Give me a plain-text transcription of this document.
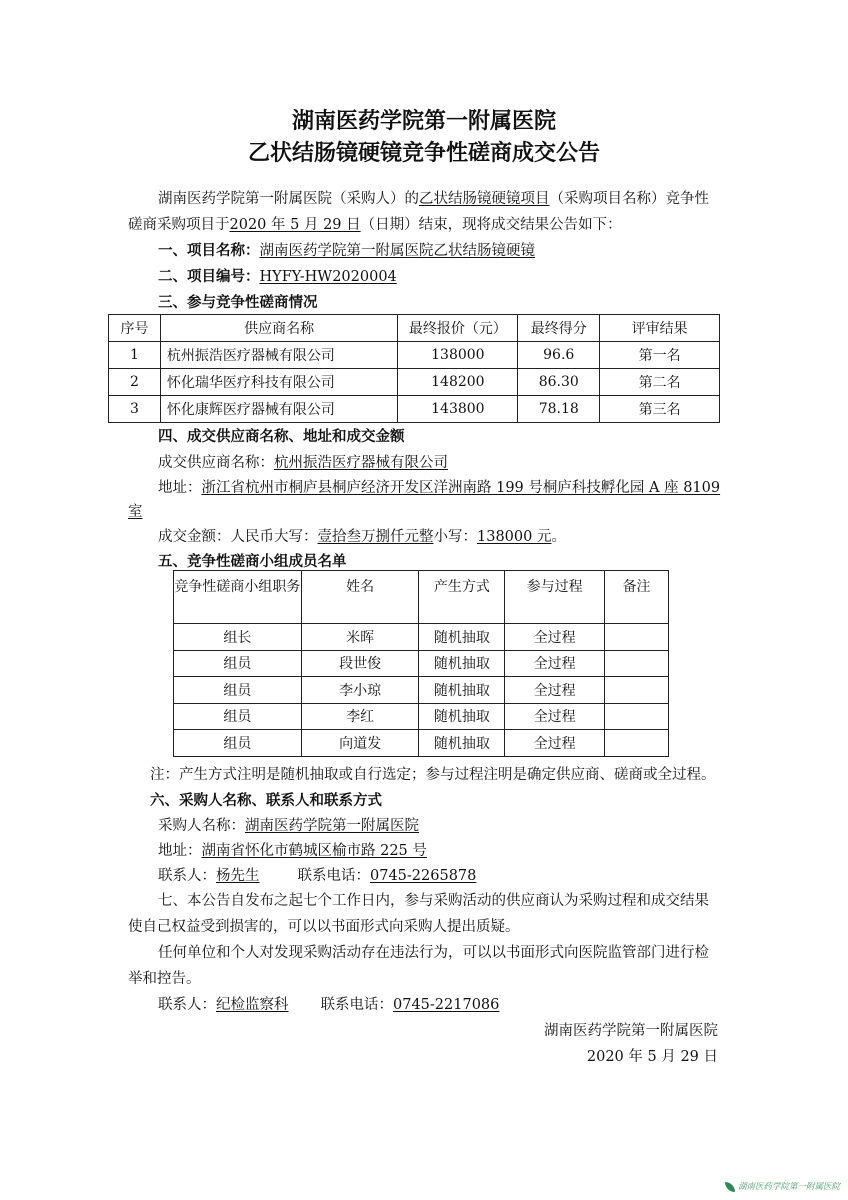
湖南医药学院第一附属医院
乙状结肠镜硬镜竞争性磋商成交公告
湖南医药学院第一附属医院（采购人）的乙状结肠镜硬镜项目（采购项目名称）竞争性
磋商采购项目于2020 年 5 月 29 日（日期）结束，现将成交结果公告如下：
一、项目名称：湖南医药学院第一附属医院乙状结肠镜硬镜
二、项目编号：HYFY-HW2020004
三、参与竞争性磋商情况
序号	供应商名称	最终报价（元）	最终得分	评审结果
1	杭州振浩医疗器械有限公司	138000	96.6	第一名
2	怀化瑞华医疗科技有限公司	148200	86.30	第二名
3	怀化康辉医疗器械有限公司	143800	78.18	第三名
四、成交供应商名称、地址和成交金额
成交供应商名称：杭州振浩医疗器械有限公司
地址：浙江省杭州市桐庐县桐庐经济开发区洋洲南路 199 号桐庐科技孵化园 A 座 8109
室
成交金额：人民币大写：壹拾叁万捌仟元整小写：138000 元。
五、竞争性磋商小组成员名单
竞争性磋商小组职务	姓名	产生方式	参与过程	备注
组长	米晖	随机抽取	全过程	
组员	段世俊	随机抽取	全过程	
组员	李小琼	随机抽取	全过程	
组员	李红	随机抽取	全过程	
组员	向道发	随机抽取	全过程	
注：产生方式注明是随机抽取或自行选定；参与过程注明是确定供应商、磋商或全过程。
六、采购人名称、联系人和联系方式
采购人名称：湖南医药学院第一附属医院
地址：湖南省怀化市鹤城区榆市路 225 号
联系人：杨先生	联系电话：0745-2265878
七、本公告自发布之起七个工作日内，参与采购活动的供应商认为采购过程和成交结果
使自己权益受到损害的，可以以书面形式向采购人提出质疑。
任何单位和个人对发现采购活动存在违法行为，可以以书面形式向医院监管部门进行检
举和控告。
联系人：纪检监察科 联系电话：0745-2217086
湖南医药学院第一附属医院
2020 年 5 月 29 日
湖南医药学院第一附属医院
